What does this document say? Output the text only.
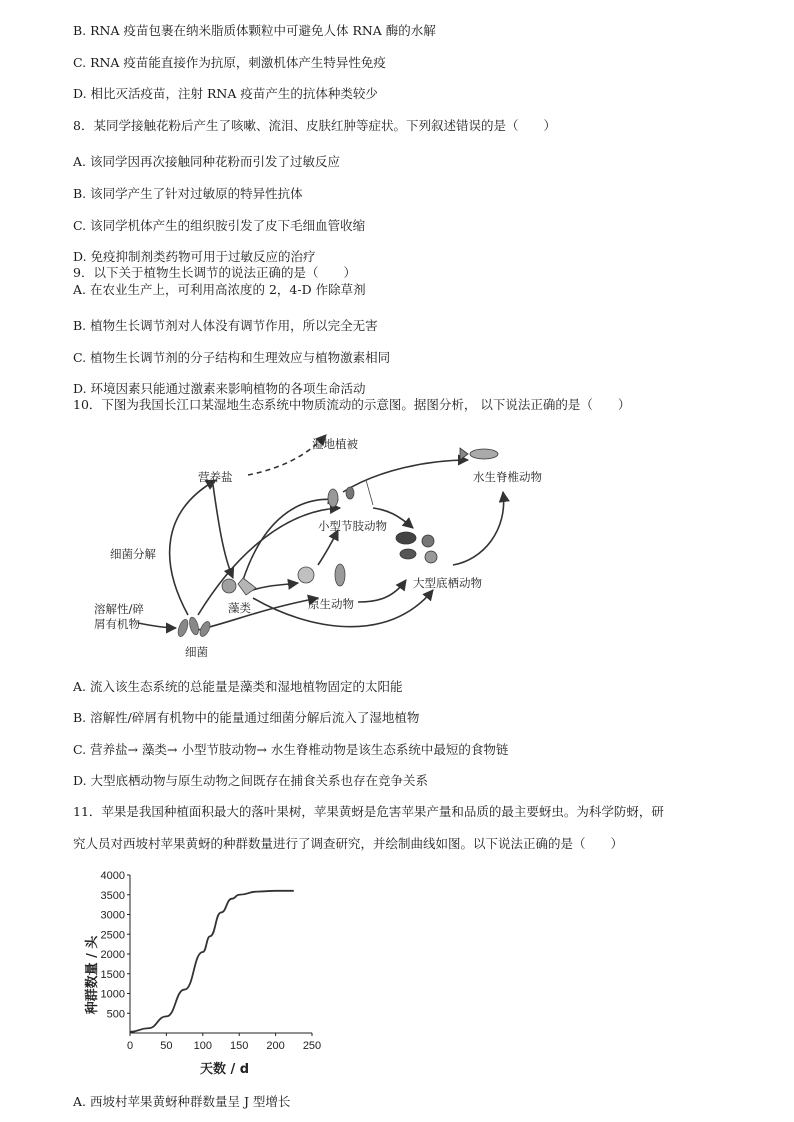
B. RNA 疫苗包裹在纳米脂质体颗粒中可避免人体 RNA 酶的水解
C. RNA 疫苗能直接作为抗原，刺激机体产生特异性免疫
D. 相比灭活疫苗，注射 RNA 疫苗产生的抗体种类较少
8．某同学接触花粉后产生了咳嗽、流泪、皮肤红肿等症状。下列叙述错误的是（　　）
A. 该同学因再次接触同种花粉而引发了过敏反应
B. 该同学产生了针对过敏原的特异性抗体
C. 该同学机体产生的组织胺引发了皮下毛细血管收缩
D. 免疫抑制剂类药物可用于过敏反应的治疗
9．以下关于植物生长调节的说法正确的是（　　）
A. 在农业生产上，可利用高浓度的 2，4-D 作除草剂
B. 植物生长调节剂对人体没有调节作用，所以完全无害
C. 植物生长调节剂的分子结构和生理效应与植物激素相同
D. 环境因素只能通过激素来影响植物的各项生命活动
10．下图为我国长江口某湿地生态系统中物质流动的示意图。据图分析， 以下说法正确的是（　　）
湿地植被
营养盐	水生脊椎动物
小型节肢动物
细菌分解
大型底栖动物
溶解性/碎
屑有机物
藻类	原生动物
细菌
A. 流入该生态系统的总能量是藻类和湿地植物固定的太阳能
B. 溶解性/碎屑有机物中的能量通过细菌分解后流入了湿地植物
C. 营养盐→ 藻类→ 小型节肢动物→ 水生脊椎动物是该生态系统中最短的食物链
D. 大型底栖动物与原生动物之间既存在捕食关系也存在竞争关系
11．苹果是我国种植面积最大的落叶果树，苹果黄蚜是危害苹果产量和品质的最主要蚜虫。为科学防蚜，研
究人员对西坡村苹果黄蚜的种群数量进行了调查研究，并绘制曲线如图。以下说法正确的是（　　）
0 50 100 150 200 250
500
1000
1500
2000
2500
3000
3500
4000
天数 / d
种群数量 / 头
A. 西坡村苹果黄蚜种群数量呈 J 型增长
